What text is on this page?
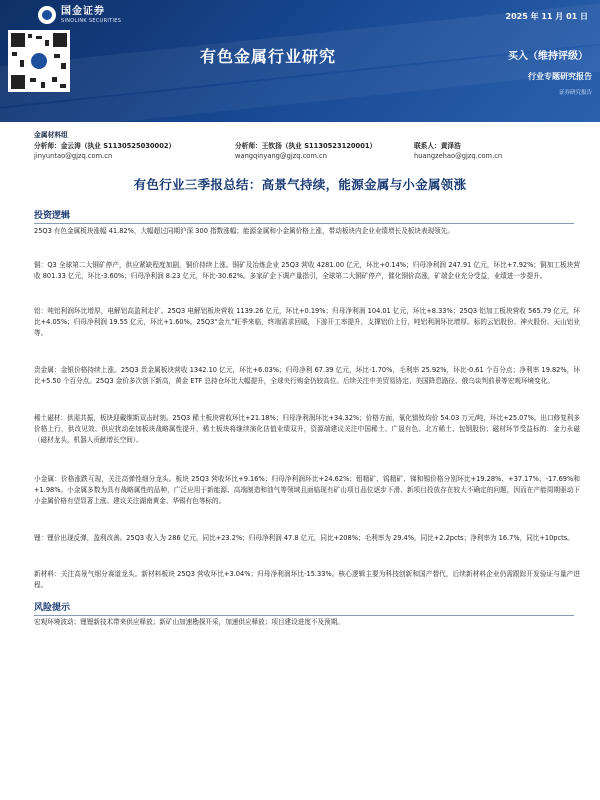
国金证券
SINOLINK SECURITIES	2025 年 11 月 01 日
有色金属行业研究	买入（维持评级）
行业专题研究报告
证券研究报告
金属材料组
分析师：金云涛（执业 S1130525030002）	分析师：王钦扬（执业 S1130523120001）	联系人：黄泽浩
jinyuntao@gjzq.com.cn	wangqinyang@gjzq.com.cn	huangzehao@gjzq.com.cn
有色行业三季报总结：高景气持续，能源金属与小金属领涨
投资逻辑
25Q3 有色金属板块涨幅 41.82%，大幅超过同期沪深 300 指数涨幅；能源金属和小金属价格上涨，带动板块内企业业绩增长及板块表现领先。
铜：Q3 全球第二大铜矿停产，供应紧缺程度加剧，铜价持续上涨。铜矿及冶炼企业 25Q3 营收 4281.00 亿元，环比+0.14%；归母净利润 247.91 亿元，环比+7.92%；铜加工板块营收 801.33 亿元，环比-3.60%；归母净利润 8.23 亿元，环比-30.62%。多家矿企下调产量指引，全球第二大铜矿停产，催化铜价高涨，矿端企业充分受益，业绩进一步提升。
铝：吨铝利润环比增厚，电解铝高盈利走扩。25Q3 电解铝板块营收 1139.26 亿元，环比+0.19%；归母净利润 104.01 亿元，环比+8.33%；25Q3 铝加工板块营收 565.79 亿元，环比+4.05%；归母净利润 19.55 亿元，环比+1.60%。25Q3“金九”旺季来临，终端需求回暖，下游开工率提升，支撑铝价上行，吨铝利润环比增厚。标的云铝股份、神火股份、天山铝业等。
贵金属：金银价格持续上涨。25Q3 贵金属板块营收 1342.10 亿元，环比+6.03%；归母净利 67.39 亿元，环比-1.70%，毛利率 25.92%，环比-0.61 个百分点；净利率 19.82%，环比+5.50 个百分点。25Q3 金价多次创下新高，黄金 ETF 总持仓环比大幅提升，全球央行购金仍较高位。后续关注中美贸易协定、美国降息路径、俄乌谈判前景等宏观环境变化。
稀土磁材：供需共振，板块迎戴维斯双击时刻。25Q3 稀土板块营收环比+21.18%；归母净利润环比+34.32%；价格方面，氧化镨钕均价 54.03 万元/吨，环比+25.07%。出口修复利多价格上行，供改见效、供应扰动垒加板块战略属性提升，稀土板块将继续演化估值业绩双升，资源端建议关注中国稀土、广晟有色、北方稀土、包钢股份；磁材环节受益标的：金力永磁（磁材龙头，机器人贡献增长空间）。
小金属：价格涨跌互现，关注高弹性细分龙头。板块 25Q3 营收环比+9.16%；归母净利润环比+24.62%；钼精矿、钨精矿、锑和锡价格分别环比+19.28%、+37.17%、-17.69%和+1.98%。小金属多数为具有战略属性的品种，广泛应用于新能源、高端制造和油气等领域且面临现有矿山项目品位逐步下滑、新项目投放存在较大不确定的问题，因而在产能周期驱动下小金属价格有望显著上涨。建议关注湖南黄金、华锡有色等标的。
锂：锂价出现反弹，盈利改善。25Q3 收入为 286 亿元，同比+23.2%；归母净利润 47.8 亿元，同比+208%；毛利率为 29.4%，同比+2.2pcts；净利率为 16.7%，同比+10pcts。
新材料：关注高景气细分赛道龙头。新材料板块 25Q3 营收环比+3.04%；归母净利润环比-15.33%。核心逻辑主要为科技创新和国产替代，后续新材料企业仍需跟踪开发验证与量产进程。
风险提示
宏观环境波动；锂锂新技术带来供应释放；新矿山加速勘探开采，加速供应释放；项目建设进度不及预期。
